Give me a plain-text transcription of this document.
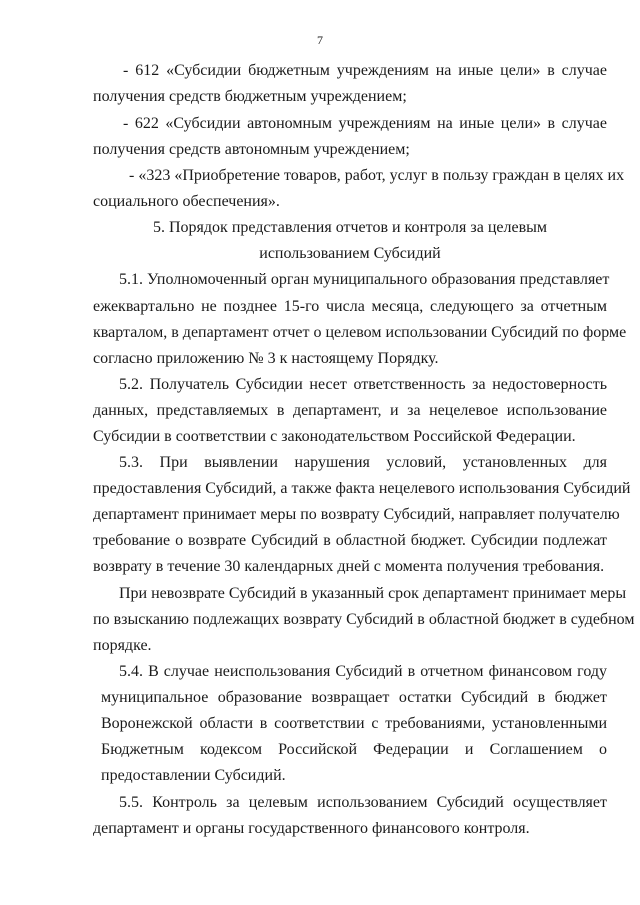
7
- 612 «Субсидии бюджетным учреждениям на иные цели» в случае
получения средств бюджетным учреждением;
- 622 «Субсидии автономным учреждениям на иные цели» в случае
получения средств автономным учреждением;
- «323 «Приобретение товаров, работ, услуг в пользу граждан в целях их
социального обеспечения».
5. Порядок представления отчетов и контроля за целевым
использованием Субсидий
5.1. Уполномоченный орган муниципального образования представляет
ежеквартально не позднее 15-го числа месяца, следующего за отчетным
кварталом, в департамент отчет о целевом использовании Субсидий по форме
согласно приложению № 3 к настоящему Порядку.
5.2. Получатель Субсидии несет ответственность за недостоверность
данных, представляемых в департамент, и за нецелевое использование
Субсидии в соответствии с законодательством Российской Федерации.
5.3. При выявлении нарушения условий, установленных для
предоставления Субсидий, а также факта нецелевого использования Субсидий
департамент принимает меры по возврату Субсидий, направляет получателю
требование о возврате Субсидий в областной бюджет. Субсидии подлежат
возврату в течение 30 календарных дней с момента получения требования.
При невозврате Субсидий в указанный срок департамент принимает меры
по взысканию подлежащих возврату Субсидий в областной бюджет в судебном
порядке.
5.4. В случае неиспользования Субсидий в отчетном финансовом году
муниципальное образование возвращает остатки Субсидий в бюджет
Воронежской области в соответствии с требованиями, установленными
Бюджетным кодексом Российской Федерации и Соглашением о
предоставлении Субсидий.
5.5. Контроль за целевым использованием Субсидий осуществляет
департамент и органы государственного финансового контроля.
